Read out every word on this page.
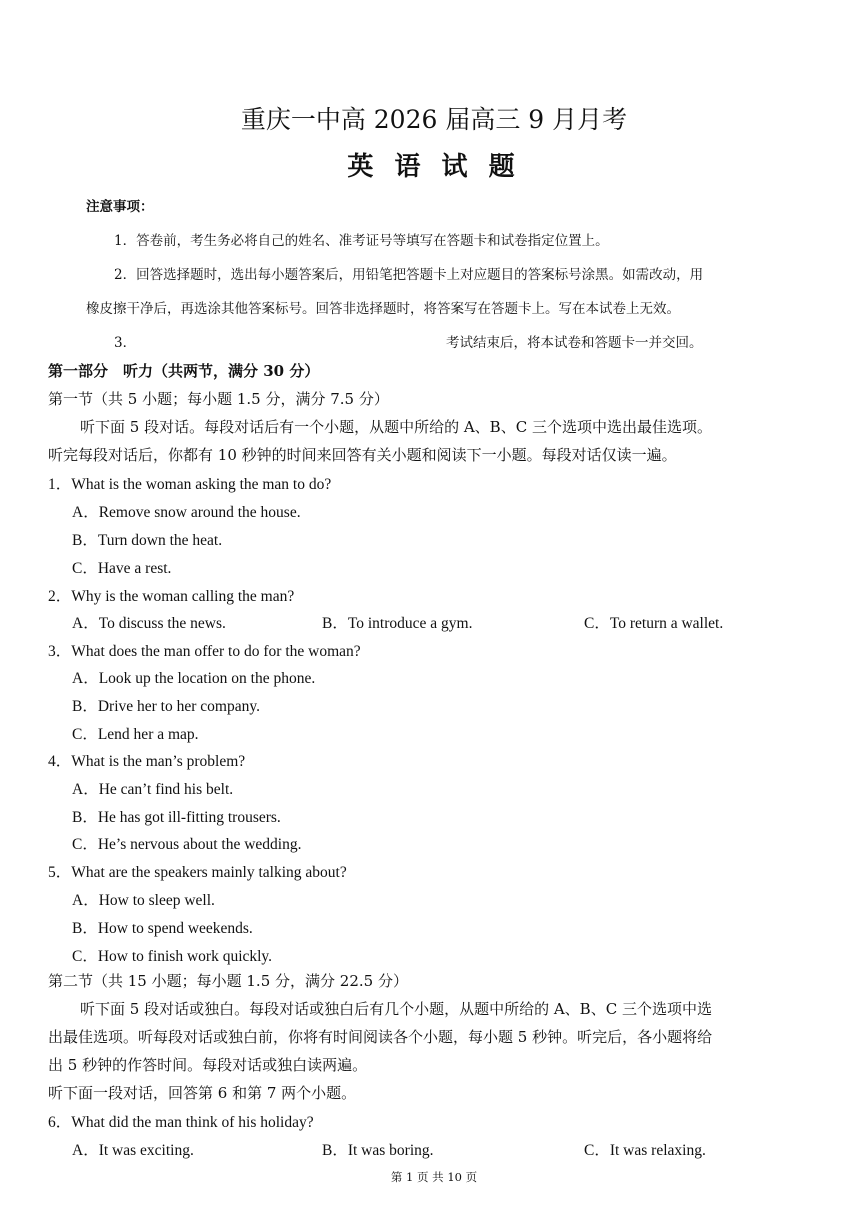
重庆一中高 2026 届高三 9 月月考
英 语 试 题
注意事项：
1．答卷前，考生务必将自己的姓名、准考证号等填写在答题卡和试卷指定位置上。
2．回答选择题时，选出每小题答案后，用铅笔把答题卡上对应题目的答案标号涂黑。如需改动，用
橡皮擦干净后，再选涂其他答案标号。回答非选择题时，将答案写在答题卡上。写在本试卷上无效。
3．	考试结束后，将本试卷和答题卡一并交回。
第一部分　听力（共两节，满分 30 分）
第一节（共 5 小题；每小题 1.5 分，满分 7.5 分）
听下面 5 段对话。每段对话后有一个小题，从题中所给的 A、B、C 三个选项中选出最佳选项。
听完每段对话后，你都有 10 秒钟的时间来回答有关小题和阅读下一小题。每段对话仅读一遍。
1．What is the woman asking the man to do?
A．Remove snow around the house.
B．Turn down the heat.
C．Have a rest.
2．Why is the woman calling the man?
A．To discuss the news.	B．To introduce a gym.	C．To return a wallet.
3．What does the man offer to do for the woman?
A．Look up the location on the phone.
B．Drive her to her company.
C．Lend her a map.
4．What is the man’s problem?
A．He can’t find his belt.
B．He has got ill-fitting trousers.
C．He’s nervous about the wedding.
5．What are the speakers mainly talking about?
A．How to sleep well.
B．How to spend weekends.
C．How to finish work quickly.
第二节（共 15 小题；每小题 1.5 分，满分 22.5 分）
听下面 5 段对话或独白。每段对话或独白后有几个小题，从题中所给的 A、B、C 三个选项中选
出最佳选项。听每段对话或独白前，你将有时间阅读各个小题，每小题 5 秒钟。听完后，各小题将给
出 5 秒钟的作答时间。每段对话或独白读两遍。
听下面一段对话，回答第 6 和第 7 两个小题。
6．What did the man think of his holiday?
A．It was exciting.	B．It was boring.	C．It was relaxing.
第 1 页 共 10 页
